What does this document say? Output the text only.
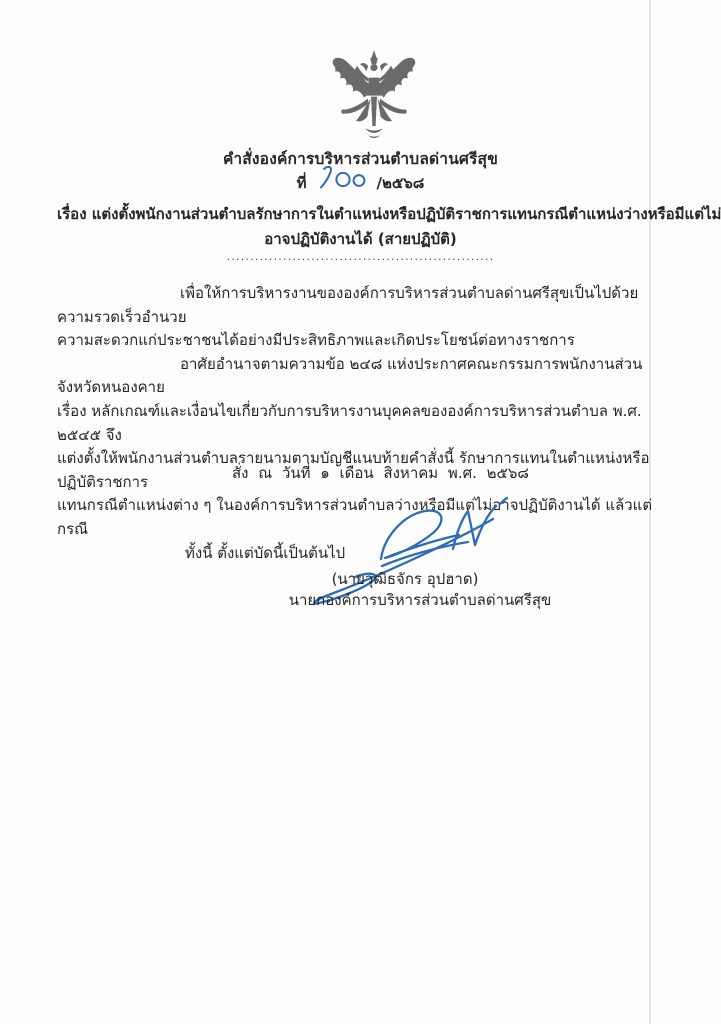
คำสั่งองค์การบริหารส่วนตำบลด่านศรีสุข
ที่	/๒๕๖๘
เรื่อง แต่งตั้งพนักงานส่วนตำบลรักษาการในตำแหน่งหรือปฏิบัติราชการแทนกรณีตำแหน่งว่างหรือมีแต่ไม่
อาจปฏิบัติงานได้ (สายปฏิบัติ)
.........................................................
เพื่อให้การบริหารงานขององค์การบริหารส่วนตำบลด่านศรีสุขเป็นไปด้วยความรวดเร็วอำนวย
ความสะดวกแก่ประชาชนได้อย่างมีประสิทธิภาพและเกิดประโยชน์ต่อทางราชการ
อาศัยอำนาจตามความข้อ ๒๔๘ แห่งประกาศคณะกรรมการพนักงานส่วนจังหวัดหนองคาย
เรื่อง หลักเกณฑ์และเงื่อนไขเกี่ยวกับการบริหารงานบุคคลขององค์การบริหารส่วนตำบล พ.ศ. ๒๕๔๕ จึง
แต่งตั้งให้พนักงานส่วนตำบลรายนามตามบัญชีแนบท้ายคำสั่งนี้ รักษาการแทนในตำแหน่งหรือปฏิบัติราชการ
แทนกรณีตำแหน่งต่าง ๆ ในองค์การบริหารส่วนตำบลว่างหรือมีแต่ไม่อาจปฏิบัติงานได้ แล้วแต่กรณี
ทั้งนี้ ตั้งแต่บัดนี้เป็นต้นไป
สั่ง ณ วันที่ ๑ เดือน สิงหาคม พ.ศ. ๒๕๖๘
(นายวุฒิธจักร อุปฮาด)
นายกองค์การบริหารส่วนตำบลด่านศรีสุข
